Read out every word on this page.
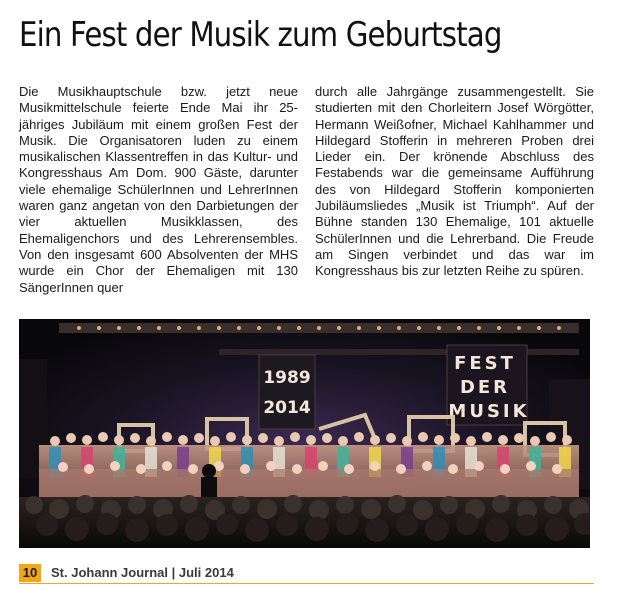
Ein Fest der Musik zum Geburtstag

Die Musikhauptschule bzw. jetzt neue Musikmittelschule feierte Ende Mai ihr 25-jähriges Jubiläum mit einem großen Fest der Musik. Die Organisatoren luden zu einem musikalischen Klassentreffen in das Kultur- und Kongresshaus Am Dom. 900 Gäste, darunter viele ehemalige SchülerInnen und LehrerInnen waren ganz angetan von den Darbietungen der vier aktuellen Musikklassen, des Ehemaligenchors und des Lehrerensembles. Von den insgesamt 600 Absolventen der MHS wurde ein Chor der Ehemaligen mit 130 SängerInnen quer

durch alle Jahrgänge zusammengestellt. Sie studierten mit den Chorleitern Josef Wörgötter, Hermann Weißofner, Michael Kahlhammer und Hildegard Stofferin in mehreren Proben drei Lieder ein. Der krönende Abschluss des Festabends war die gemeinsame Aufführung des von Hildegard Stofferin komponierten Jubiläumsliedes „Musik ist Triumph“. Auf der Bühne standen 130 Ehemalige, 101 aktuelle SchülerInnen und die Lehrerband. Die Freude am Singen verbindet und das war im Kongresshaus bis zur letzten Reihe zu spüren.

1989
2014
FEST
DER
MUSIK
10 St. Johann Journal | Juli 2014
